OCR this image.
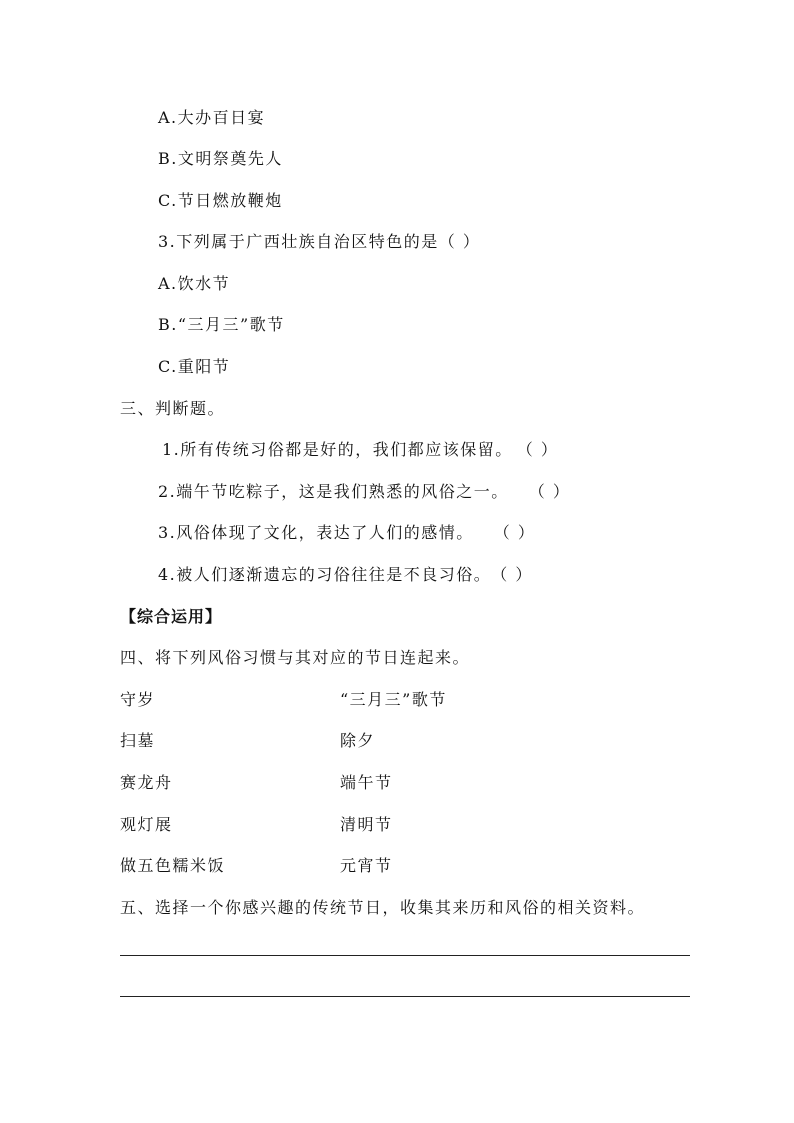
A.大办百日宴
B.文明祭奠先人
C.节日燃放鞭炮
3.下列属于广西壮族自治区特色的是（ ）
A.饮水节
B.“三月三”歌节
C.重阳节
三、判断题。
1.所有传统习俗都是好的，我们都应该保留。 （ ）
2.端午节吃粽子，这是我们熟悉的风俗之一。 （ ）
3.风俗体现了文化，表达了人们的感情。 （ ）
4.被人们逐渐遗忘的习俗往往是不良习俗。（ ）
【综合运用】
四、将下列风俗习惯与其对应的节日连起来。
守岁	“三月三”歌节
扫墓	除夕
赛龙舟	端午节
观灯展	清明节
做五色糯米饭	元宵节
五、选择一个你感兴趣的传统节日，收集其来历和风俗的相关资料。
